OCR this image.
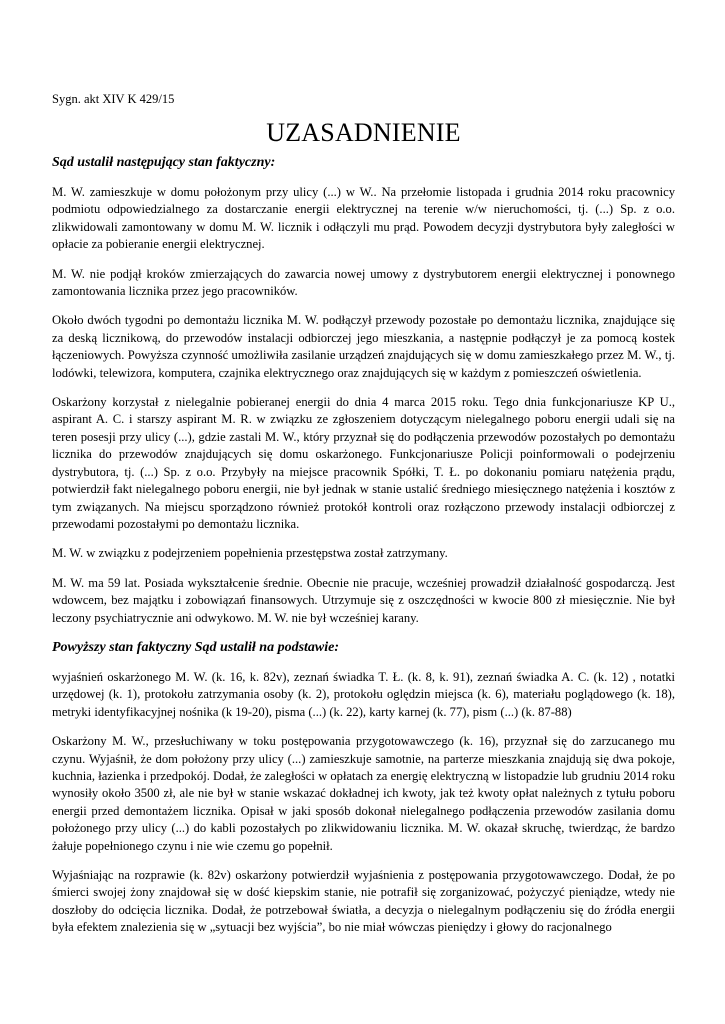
Sygn. akt XIV K 429/15

UZASADNIENIE

Sąd ustalił następujący stan faktyczny:

M. W. zamieszkuje w domu położonym przy ulicy (...) w W.. Na przełomie listopada i grudnia 2014 roku pracownicy podmiotu odpowiedzialnego za dostarczanie energii elektrycznej na terenie w/w nieruchomości, tj. (...) Sp. z o.o. zlikwidowali zamontowany w domu M. W. licznik i odłączyli mu prąd. Powodem decyzji dystrybutora były zaległości w opłacie za pobieranie energii elektrycznej.

M. W. nie podjął kroków zmierzających do zawarcia nowej umowy z dystrybutorem energii elektrycznej i ponownego zamontowania licznika przez jego pracowników.

Około dwóch tygodni po demontażu licznika M. W. podłączył przewody pozostałe po demontażu licznika, znajdujące się za deską licznikową, do przewodów instalacji odbiorczej jego mieszkania, a następnie podłączył je za pomocą kostek łączeniowych. Powyższa czynność umożliwiła zasilanie urządzeń znajdujących się w domu zamieszkałego przez M. W., tj. lodówki, telewizora, komputera, czajnika elektrycznego oraz znajdujących się w każdym z pomieszczeń oświetlenia.

Oskarżony korzystał z nielegalnie pobieranej energii do dnia 4 marca 2015 roku. Tego dnia funkcjonariusze KP U., aspirant A. C. i starszy aspirant M. R. w związku ze zgłoszeniem dotyczącym nielegalnego poboru energii udali się na teren posesji przy ulicy (...), gdzie zastali M. W., który przyznał się do podłączenia przewodów pozostałych po demontażu licznika do przewodów znajdujących się domu oskarżonego. Funkcjonariusze Policji poinformowali o podejrzeniu dystrybutora, tj. (...) Sp. z o.o. Przybyły na miejsce pracownik Spółki, T. Ł. po dokonaniu pomiaru natężenia prądu, potwierdził fakt nielegalnego poboru energii, nie był jednak w stanie ustalić średniego miesięcznego natężenia i kosztów z tym związanych. Na miejscu sporządzono również protokół kontroli oraz rozłączono przewody instalacji odbiorczej z przewodami pozostałymi po demontażu licznika.

M. W. w związku z podejrzeniem popełnienia przestępstwa został zatrzymany.

M. W. ma 59 lat. Posiada wykształcenie średnie. Obecnie nie pracuje, wcześniej prowadził działalność gospodarczą. Jest wdowcem, bez majątku i zobowiązań finansowych. Utrzymuje się z oszczędności w kwocie 800 zł miesięcznie. Nie był leczony psychiatrycznie ani odwykowo. M. W. nie był wcześniej karany.

Powyższy stan faktyczny Sąd ustalił na podstawie:

wyjaśnień oskarżonego M. W. (k. 16, k. 82v), zeznań świadka T. Ł. (k. 8, k. 91), zeznań świadka A. C. (k. 12) , notatki urzędowej (k. 1), protokołu zatrzymania osoby (k. 2), protokołu oględzin miejsca (k. 6), materiału poglądowego (k. 18), metryki identyfikacyjnej nośnika (k 19-20), pisma (...) (k. 22), karty karnej (k. 77), pism (...) (k. 87-88)

Oskarżony M. W., przesłuchiwany w toku postępowania przygotowawczego (k. 16), przyznał się do zarzucanego mu czynu. Wyjaśnił, że dom położony przy ulicy (...) zamieszkuje samotnie, na parterze mieszkania znajdują się dwa pokoje, kuchnia, łazienka i przedpokój. Dodał, że zaległości w opłatach za energię elektryczną w listopadzie lub grudniu 2014 roku wynosiły około 3500 zł, ale nie był w stanie wskazać dokładnej ich kwoty, jak też kwoty opłat należnych z tytułu poboru energii przed demontażem licznika. Opisał w jaki sposób dokonał nielegalnego podłączenia przewodów zasilania domu położonego przy ulicy (...) do kabli pozostałych po zlikwidowaniu licznika. M. W. okazał skruchę, twierdząc, że bardzo żałuje popełnionego czynu i nie wie czemu go popełnił.

Wyjaśniając na rozprawie (k. 82v) oskarżony potwierdził wyjaśnienia z postępowania przygotowawczego. Dodał, że po śmierci swojej żony znajdował się w dość kiepskim stanie, nie potrafił się zorganizować, pożyczyć pieniądze, wtedy nie doszłoby do odcięcia licznika. Dodał, że potrzebował światła, a decyzja o nielegalnym podłączeniu się do źródła energii była efektem znalezienia się w „sytuacji bez wyjścia”, bo nie miał wówczas pieniędzy i głowy do racjonalnego
